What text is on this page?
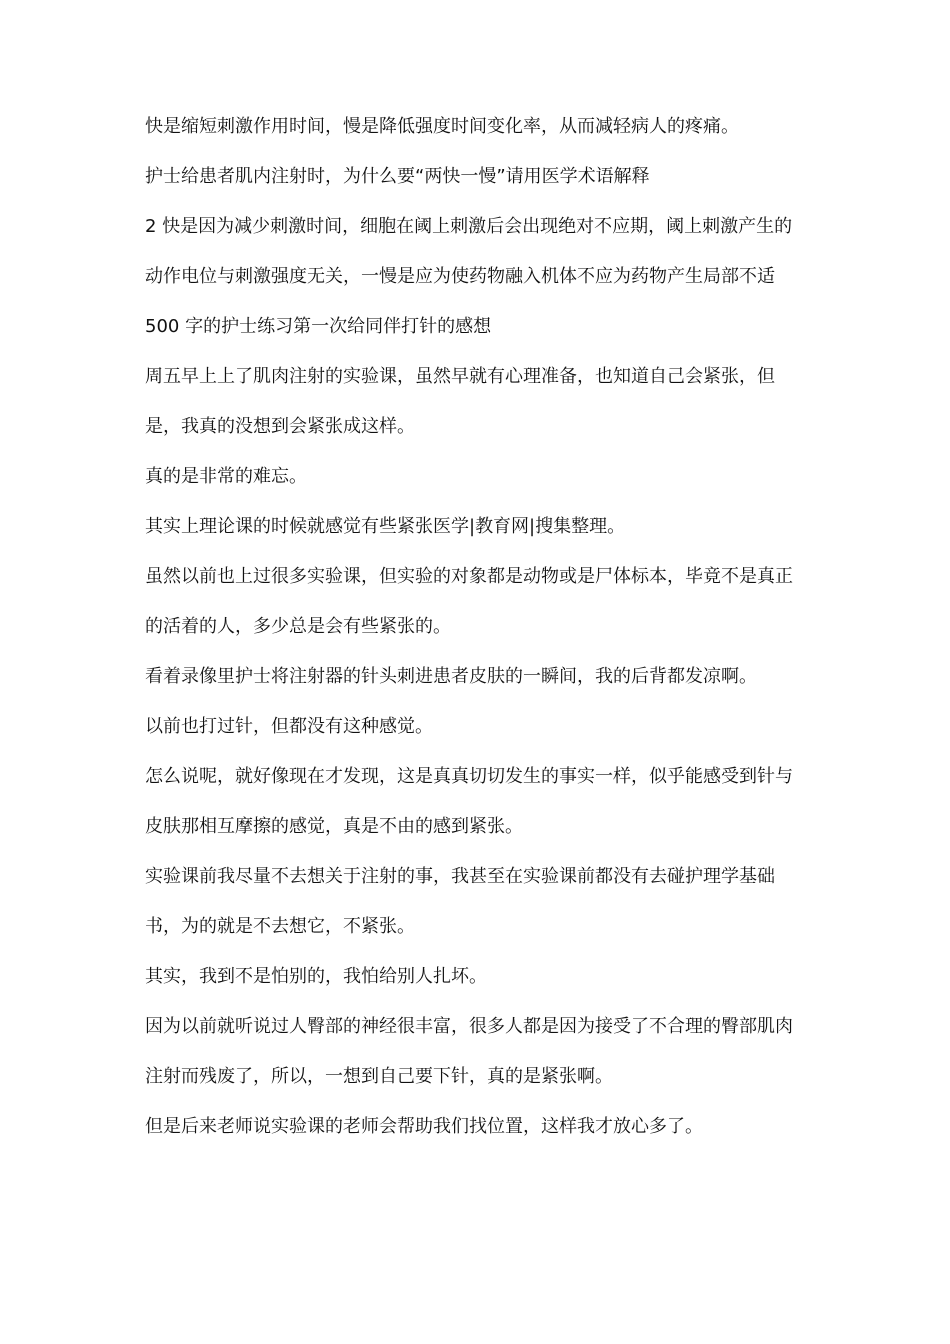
快是缩短刺激作用时间，慢是降低强度时间变化率，从而减轻病人的疼痛。

护士给患者肌内注射时，为什么要“两快一慢”请用医学术语解释

2 快是因为减少刺激时间，细胞在阈上刺激后会出现绝对不应期，阈上刺激产生的动作电位与刺激强度无关，一慢是应为使药物融入机体不应为药物产生局部不适

500 字的护士练习第一次给同伴打针的感想

周五早上上了肌肉注射的实验课，虽然早就有心理准备，也知道自己会紧张，但是，我真的没想到会紧张成这样。

真的是非常的难忘。

其实上理论课的时候就感觉有些紧张医学|教育网|搜集整理。

虽然以前也上过很多实验课，但实验的对象都是动物或是尸体标本，毕竟不是真正的活着的人，多少总是会有些紧张的。

看着录像里护士将注射器的针头刺进患者皮肤的一瞬间，我的后背都发凉啊。

以前也打过针，但都没有这种感觉。

怎么说呢，就好像现在才发现，这是真真切切发生的事实一样，似乎能感受到针与皮肤那相互摩擦的感觉，真是不由的感到紧张。

实验课前我尽量不去想关于注射的事，我甚至在实验课前都没有去碰护理学基础书，为的就是不去想它，不紧张。

其实，我到不是怕别的，我怕给别人扎坏。

因为以前就听说过人臀部的神经很丰富，很多人都是因为接受了不合理的臀部肌肉注射而残废了，所以，一想到自己要下针，真的是紧张啊。

但是后来老师说实验课的老师会帮助我们找位置，这样我才放心多了。
